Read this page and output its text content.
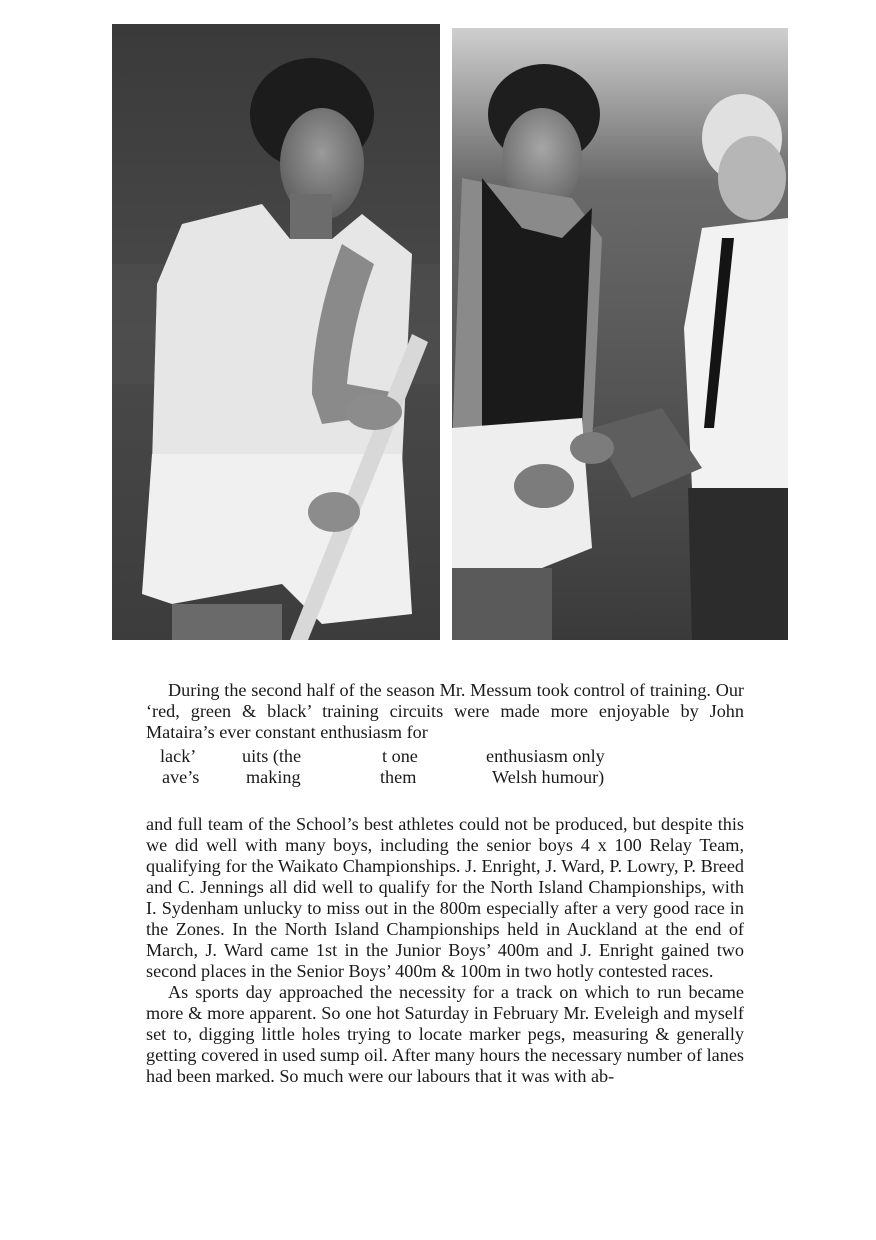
During the second half of the season Mr. Messum took control of training. Our ‘red, green & black’ training circuits were made more enjoyable by John Mataira’s ever constant enthusiasm for

lack’	uits (the	t one	enthusiasm only
ave’s	making	them	Welsh humour)

and full team of the School’s best athletes could not be produced, but despite this we did well with many boys, including the senior boys 4 x 100 Relay Team, qualifying for the Waikato Championships. J. Enright, J. Ward, P. Lowry, P. Breed and C. Jennings all did well to qualify for the North Island Championships, with I. Sydenham unlucky to miss out in the 800m especially after a very good race in the Zones. In the North Island Championships held in Auckland at the end of March, J. Ward came 1st in the Junior Boys’ 400m and J. Enright gained two second places in the Senior Boys’ 400m & 100m in two hotly contested races.

As sports day approached the necessity for a track on which to run became more & more apparent. So one hot Saturday in February Mr. Eveleigh and myself set to, digging little holes trying to locate marker pegs, measuring & generally getting covered in used sump oil. After many hours the necessary number of lanes had been marked. So much were our labours that it was with ab-
